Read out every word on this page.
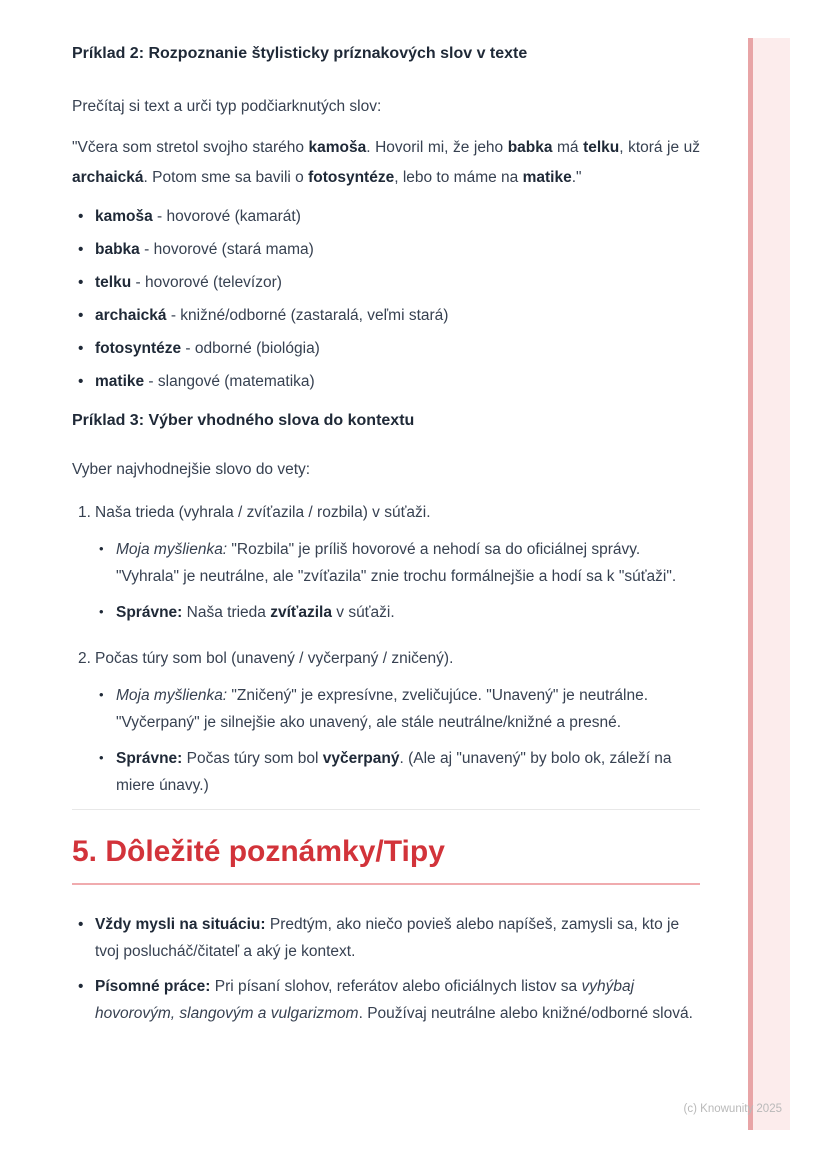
Príklad 2: Rozpoznanie štylisticky príznakových slov v texte

Prečítaj si text a urči typ podčiarknutých slov:

"Včera som stretol svojho starého kamoša. Hovoril mi, že jeho babka má telku, ktorá je už archaická. Potom sme sa bavili o fotosyntéze, lebo to máme na matike."

• kamoša - hovorové (kamarát)
• babka - hovorové (stará mama)
• telku - hovorové (televízor)
• archaická - knižné/odborné (zastaralá, veľmi stará)
• fotosyntéze - odborné (biológia)
• matike - slangové (matematika)
Príklad 3: Výber vhodného slova do kontextu

Vyber najvhodnejšie slovo do vety:

1. Naša trieda (vyhrala / zvíťazila / rozbila) v súťaži.
• Moja myšlienka: "Rozbila" je príliš hovorové a nehodí sa do oficiálnej správy. "Vyhrala" je neutrálne, ale "zvíťazila" znie trochu formálnejšie a hodí sa k "súťaži".
• Správne: Naša trieda zvíťazila v súťaži.
2. Počas túry som bol (unavený / vyčerpaný / zničený).
• Moja myšlienka: "Zničený" je expresívne, zveličujúce. "Unavený" je neutrálne. "Vyčerpaný" je silnejšie ako unavený, ale stále neutrálne/knižné a presné.
• Správne: Počas túry som bol vyčerpaný. (Ale aj "unavený" by bolo ok, záleží na miere únavy.)
5. Dôležité poznámky/Tipy
• Vždy mysli na situáciu: Predtým, ako niečo povieš alebo napíšeš, zamysli sa, kto je tvoj poslucháč/čitateľ a aký je kontext.
• Písomné práce: Pri písaní slohov, referátov alebo oficiálnych listov sa vyhýbaj hovorovým, slangovým a vulgarizmom. Používaj neutrálne alebo knižné/odborné slová.
(c) Knowunity 2025
